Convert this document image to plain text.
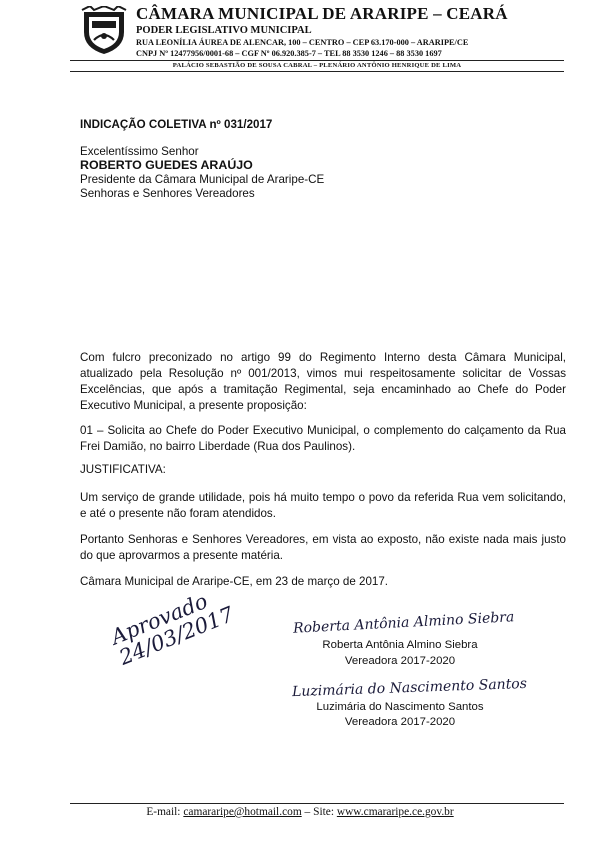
CÂMARA MUNICIPAL DE ARARIPE – CEARÁ
PODER LEGISLATIVO MUNICIPAL
RUA LEONÍLIA ÁUREA DE ALENCAR, 100 – CENTRO – CEP 63.170-000 – ARARIPE/CE
CNPJ Nº 12477956/0001-68 – CGF Nº 06.920.385-7 – TEL 88 3530 1246 – 88 3530 1697
PALÁCIO SEBASTIÃO DE SOUSA CABRAL – PLENÁRIO ANTÔNIO HENRIQUE DE LIMA
INDICAÇÃO COLETIVA nº 031/2017
Excelentíssimo Senhor
ROBERTO GUEDES ARAÚJO
Presidente da Câmara Municipal de Araripe-CE
Senhoras e Senhores Vereadores
Com fulcro preconizado no artigo 99 do Regimento Interno desta Câmara Municipal, atualizado pela Resolução nº 001/2013, vimos mui respeitosamente solicitar de Vossas Excelências, que após a tramitação Regimental, seja encaminhado ao Chefe do Poder Executivo Municipal, a presente proposição:
01 – Solicita ao Chefe do Poder Executivo Municipal, o complemento do calçamento da Rua Frei Damião, no bairro Liberdade (Rua dos Paulinos).
JUSTIFICATIVA:
Um serviço de grande utilidade, pois há muito tempo o povo da referida Rua vem solicitando, e até o presente não foram atendidos.
Portanto Senhoras e Senhores Vereadores, em vista ao exposto, não existe nada mais justo do que aprovarmos a presente matéria.
Câmara Municipal de Araripe-CE, em 23 de março de 2017.
Aprovado 24/03/2017	Roberta Antônia Almino Siebra
Roberta Antônia Almino Siebra
Vereadora 2017-2020
Luzimária do Nascimento Santos
Luzimária do Nascimento Santos
Vereadora 2017-2020
E-mail: camararipe@hotmail.com – Site: www.cmararipe.ce.gov.br
